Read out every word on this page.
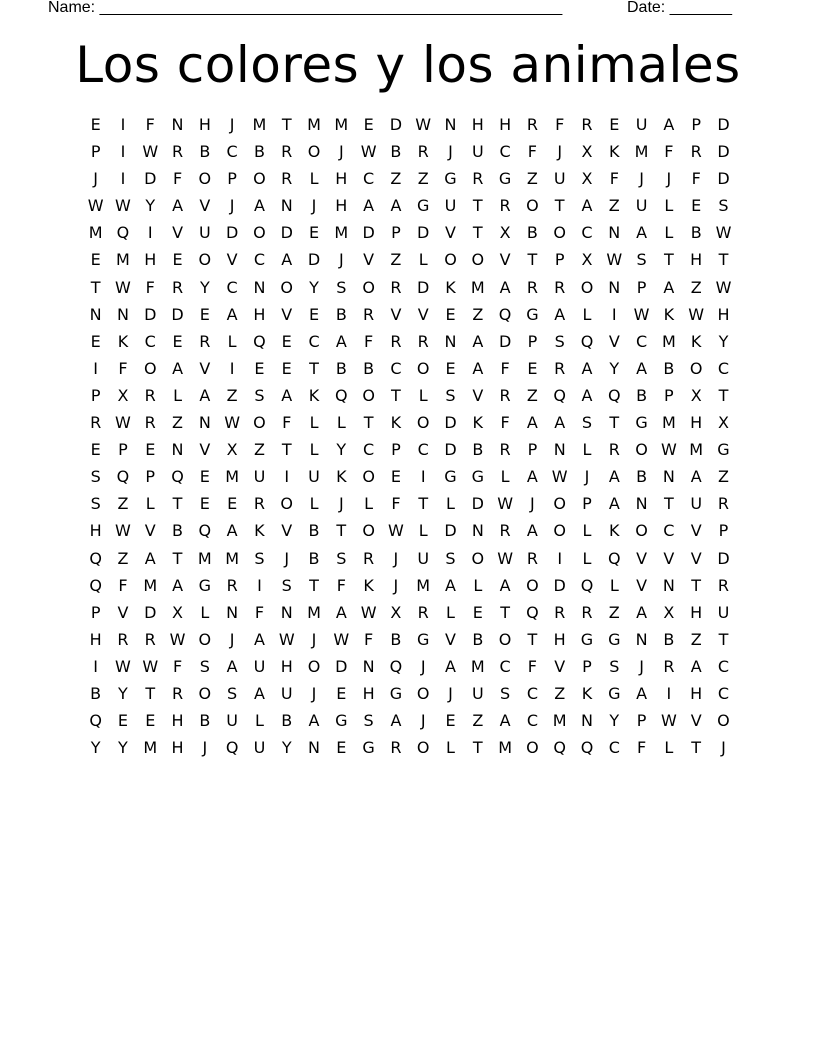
Name: ____________________________________________________	Date: _______
Los colores y los animales
E	I	F	N H	J	M T M M E	D W N H H R	F	R	E	U A	P	D
P	I	W R	B	C	B	R O	J	W B	R	J	U C	F	J	X	K M F	R D
J	I	D	F	O	P	O R	L	H C	Z	Z G R G Z U X	F	J	J	F	D
W W Y	A	V	J	A N	J	H A	A G U	T	R O	T	A	Z U	L	E	S
M Q	I	V U D O D	E M D	P	D V	T	X	B O C N A	L	B W
E M H	E O V	C	A D	J	V	Z	L	O O V	T	P	X W S	T	H	T
T W F	R	Y	C N O	Y	S O R D K M A	R	R O N	P	A	Z W
N N D D	E	A H V	E	B	R	V	V	E	Z Q G A	L	I	W K W H
E	K	C	E	R	L	Q E	C	A	F	R	R N A D	P	S Q V	C M K	Y
I	F	O A	V	I	E	E	T	B	B	C O E	A	F	E	R	A	Y	A	B O C
P	X	R	L	A	Z	S	A	K Q O	T	L	S	V	R	Z Q A Q B	P	X	T
R W R	Z N W O	F	L	L	T	K O D K	F	A	A	S	T	G M H X
E	P	E	N V	X	Z	T	L	Y	C	P	C D B	R	P	N	L	R O W M G
S Q	P	Q E M U	I	U	K O E	I	G G	L	A W	J	A	B N A	Z
S	Z	L	T	E	E	R O	L	J	L	F	T	L	D W	J	O	P	A N	T	U R
H W V	B Q A	K	V	B	T	O W L	D N R	A O	L	K O C	V	P
Q Z	A	T M M S	J	B	S	R	J	U	S O W R	I	L	Q V	V	V D
Q	F M A G R	I	S	T	F	K	J	M A	L	A O D Q	L	V N	T	R
P	V D X	L	N	F	N M A W X	R	L	E	T	Q R	R	Z	A	X H U
H R	R W O	J	A W	J	W F	B G V	B O	T	H G G N B	Z	T
I	W W F	S	A U H O D N Q	J	A M C	F	V	P	S	J	R	A	C
B	Y	T	R O S	A U	J	E	H G O	J	U	S	C	Z	K G A	I	H C
Q E	E	H B U	L	B	A G	S	A	J	E	Z	A	C M N	Y	P W V O
Y	Y M H	J	Q U	Y	N	E	G R O	L	T M O Q Q C	F	L	T	J
